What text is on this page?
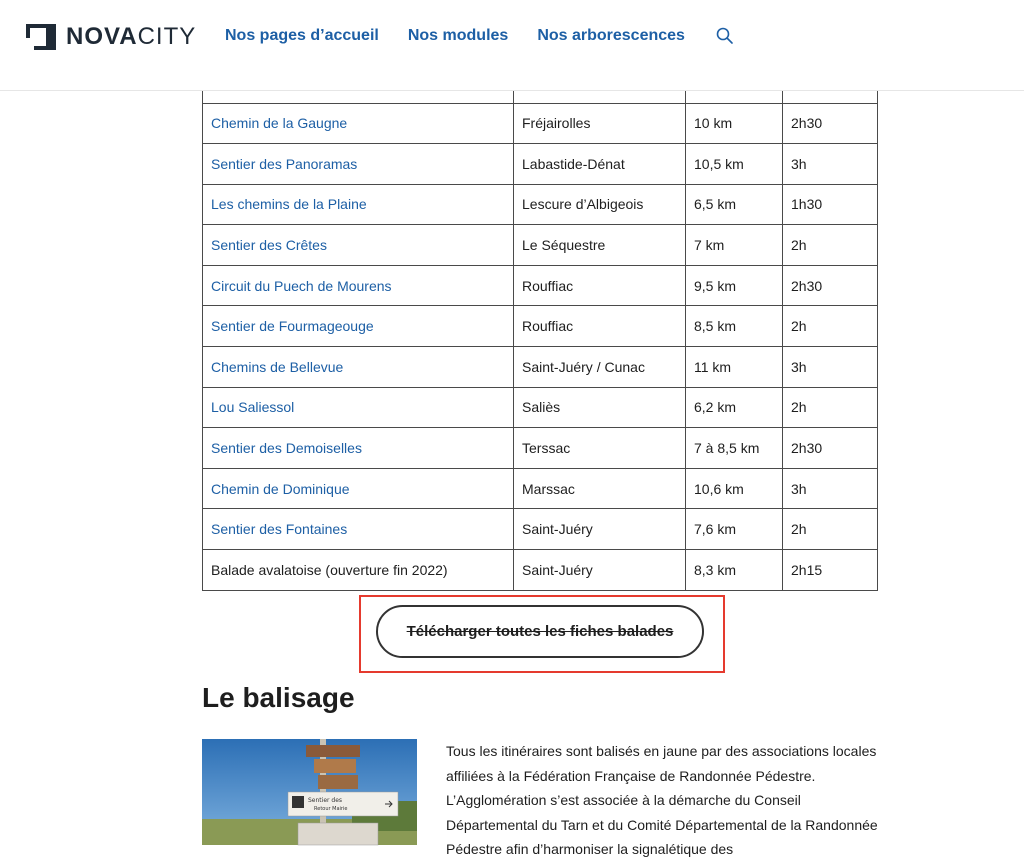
NOVACITY Nos pages d’accueil Nos modules Nos arborescences

Chemin de la Gaugne	Fréjairolles	10 km	2h30
Sentier des Panoramas	Labastide-Dénat	10,5 km	3h
Les chemins de la Plaine	Lescure d’Albigeois	6,5 km	1h30
Sentier des Crêtes	Le Séquestre	7 km	2h
Circuit du Puech de Mourens	Rouffiac	9,5 km	2h30
Sentier de Fourmageouge	Rouffiac	8,5 km	2h
Chemins de Bellevue	Saint-Juéry / Cunac	11 km	3h
Lou Saliessol	Saliès	6,2 km	2h
Sentier des Demoiselles	Terssac	7 à 8,5 km	2h30
Chemin de Dominique	Marssac	10,6 km	3h
Sentier des Fontaines	Saint-Juéry	7,6 km	2h
Balade avalatoise (ouverture fin 2022)	Saint-Juéry	8,3 km	2h15
Télécharger toutes les fiches balades
Le balisage
Sentier des
Retour Mairie

Tous les itinéraires sont balisés en jaune par des associations locales affiliées à la Fédération Française de Randonnée Pédestre. L’Agglomération s’est associée à la démarche du Conseil Départemental du Tarn et du Comité Départemental de la Randonnée Pédestre afin d’harmoniser la signalétique des
